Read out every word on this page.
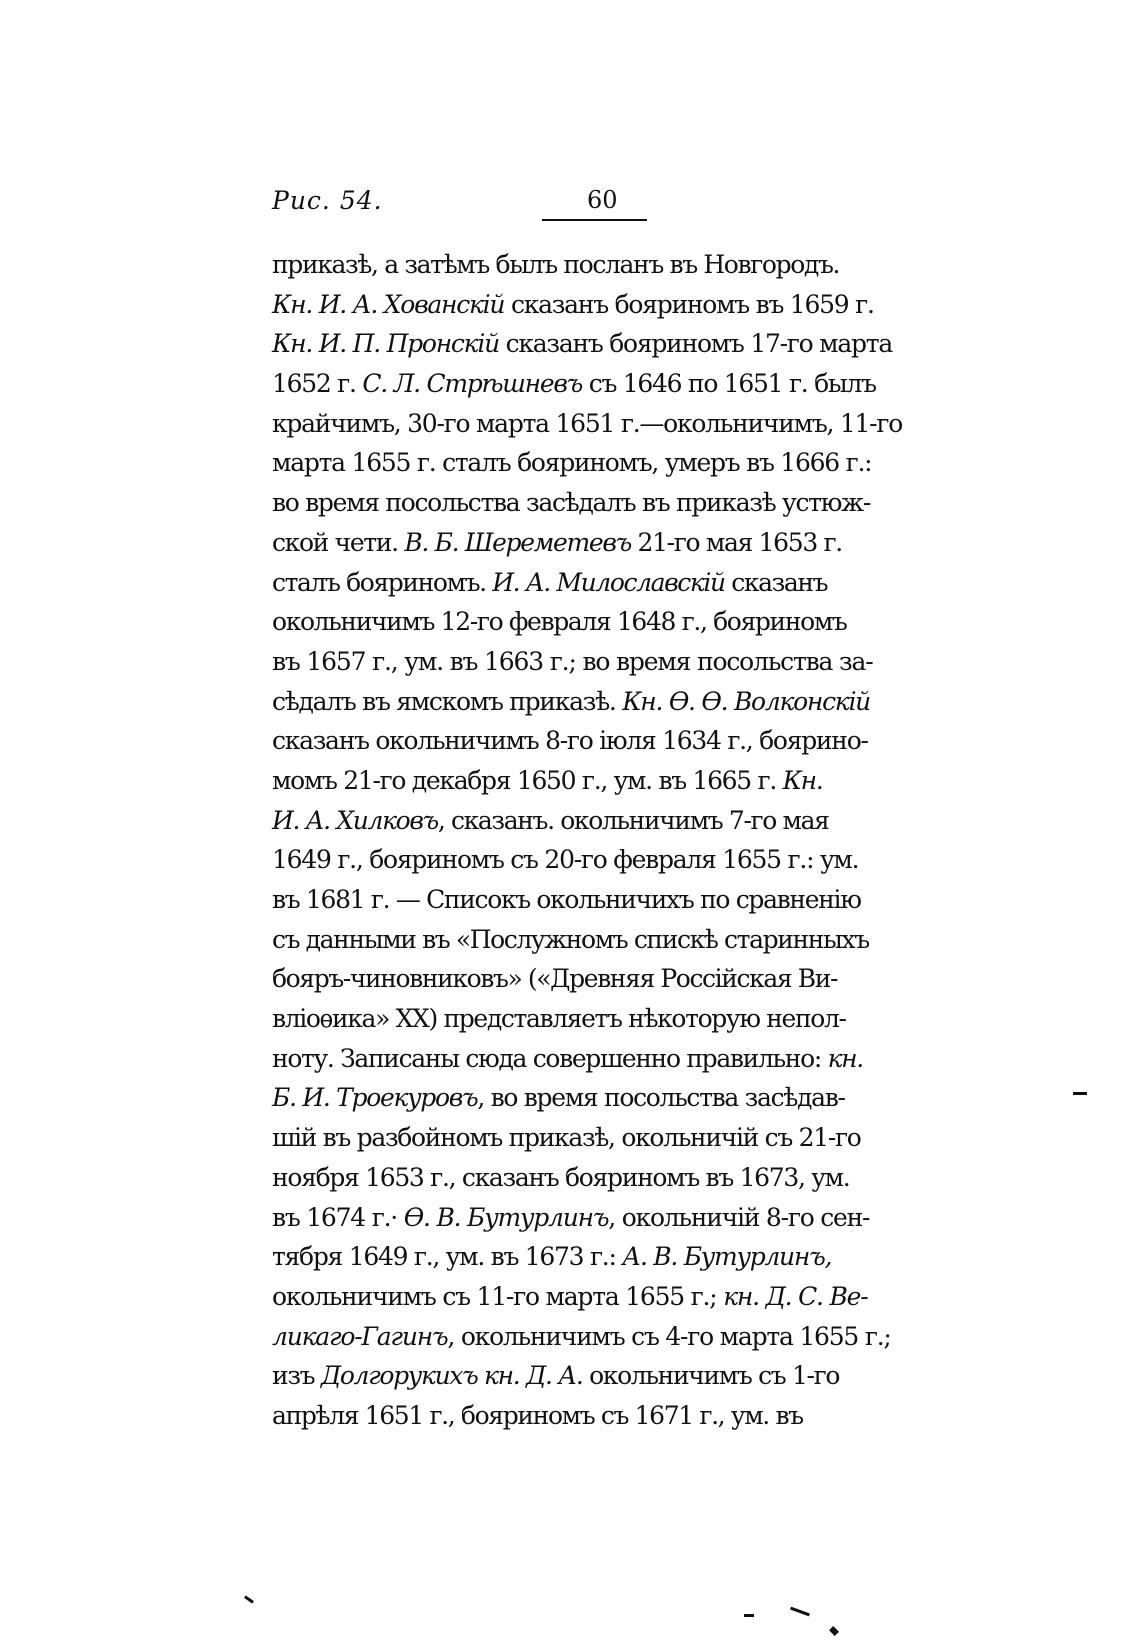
Рис. 54.	60
приказѣ, а затѣмъ былъ посланъ въ Новгородъ.
Кн. И. А. Хованскій сказанъ бояриномъ въ 1659 г.
Кн. И. П. Пронскій сказанъ бояриномъ 17-го марта
1652 г. С. Л. Стрѣшневъ съ 1646 по 1651 г. былъ
крайчимъ, 30-го марта 1651 г.—окольничимъ, 11-го
марта 1655 г. сталъ бояриномъ, умеръ въ 1666 г.:
во время посольства засѣдалъ въ приказѣ устюж-
ской чети. В. Б. Шереметевъ 21-го мая 1653 г.
сталъ бояриномъ. И. А. Милославскій сказанъ
окольничимъ 12-го февраля 1648 г., бояриномъ
въ 1657 г., ум. въ 1663 г.; во время посольства за-
сѣдалъ въ ямскомъ приказѣ. Кн. Ѳ. Ѳ. Волконскій
сказанъ окольничимъ 8-го іюля 1634 г., боярино-
момъ 21-го декабря 1650 г., ум. въ 1665 г. Кн.
И. А. Хилковъ, сказанъ. окольничимъ 7-го мая
1649 г., бояриномъ съ 20-го февраля 1655 г.: ум.
въ 1681 г. — Списокъ окольничихъ по сравненію
съ данными въ «Послужномъ спискѣ старинныхъ
бояръ-чиновниковъ» («Древняя Россійская Ви-
вліоѳика» XX) представляетъ нѣкоторую непол-
ноту. Записаны сюда совершенно правильно: кн.
Б. И. Троекуровъ, во время посольства засѣдав-
шій въ разбойномъ приказѣ, окольничій съ 21-го
ноября 1653 г., сказанъ бояриномъ въ 1673, ум.
въ 1674 г.· Ѳ. В. Бутурлинъ, окольничій 8-го сен-
тября 1649 г., ум. въ 1673 г.: А. В. Бутурлинъ,
окольничимъ съ 11-го марта 1655 г.; кн. Д. С. Ве-
ликаго-Гагинъ, окольничимъ съ 4-го марта 1655 г.;
изъ Долгорукихъ кн. Д. А. окольничимъ съ 1-го
апрѣля 1651 г., бояриномъ съ 1671 г., ум. въ
